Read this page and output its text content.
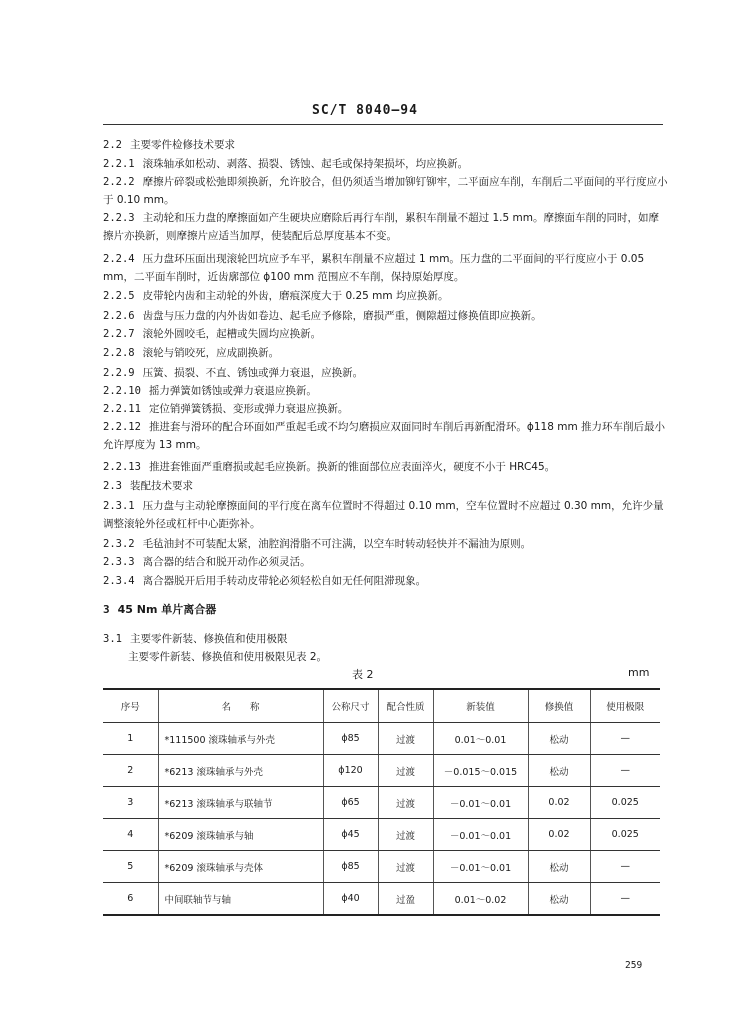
SC/T 8040—94
2.2 主要零件检修技术要求
2.2.1 滚珠轴承如松动、剥落、损裂、锈蚀、起毛或保持架损坏，均应换新。
2.2.2 摩擦片碎裂或松弛即须换新，允许胶合，但仍须适当增加铆钉铆牢，二平面应车削，车削后二平面间的平行度应小于 0.10 mm。
2.2.3 主动轮和压力盘的摩擦面如产生硬块应磨除后再行车削，累积车削量不超过 1.5 mm。摩擦面车削的同时，如摩擦片亦换新，则摩擦片应适当加厚，使装配后总厚度基本不变。
2.2.4 压力盘环压面出现滚轮凹坑应予车平，累积车削量不应超过 1 mm。压力盘的二平面间的平行度应小于 0.05 mm，二平面车削时，近齿廓部位 ϕ100 mm 范围应不车削，保持原始厚度。
2.2.5 皮带轮内齿和主动轮的外齿，磨痕深度大于 0.25 mm 均应换新。
2.2.6 齿盘与压力盘的内外齿如卷边、起毛应予修除，磨损严重，侧隙超过修换值即应换新。
2.2.7 滚轮外圆咬毛，起槽或失圆均应换新。
2.2.8 滚轮与销咬死，应成副换新。
2.2.9 压簧、损裂、不直、锈蚀或弹力衰退，应换新。
2.2.10 摇力弹簧如锈蚀或弹力衰退应换新。
2.2.11 定位销弹簧锈损、变形或弹力衰退应换新。
2.2.12 推进套与滑环的配合环面如严重起毛或不均匀磨损应双面同时车削后再新配滑环。ϕ118 mm 推力环车削后最小允许厚度为 13 mm。
2.2.13 推进套锥面严重磨损或起毛应换新。换新的锥面部位应表面淬火，硬度不小于 HRC45。
2.3 装配技术要求
2.3.1 压力盘与主动轮摩擦面间的平行度在离车位置时不得超过 0.10 mm，空车位置时不应超过 0.30 mm，允许少量调整滚轮外径或杠杆中心距弥补。
2.3.2 毛毡油封不可装配太紧，油腔润滑脂不可注满，以空车时转动轻快并不漏油为原则。
2.3.3 离合器的结合和脱开动作必须灵活。
2.3.4 离合器脱开后用手转动皮带轮必须轻松自如无任何阻滞现象。
3 45 Nm 单片离合器
3.1 主要零件新装、修换值和使用极限
主要零件新装、修换值和使用极限见表 2。
表 2	mm
序号	名　　称	公称尺寸	配合性质	新装值	修换值	使用极限
1	*111500 滚珠轴承与外壳	ϕ85	过渡	0.01～0.01	松动	—
2	*6213 滚珠轴承与外壳	ϕ120	过渡	－0.015～0.015	松动	—
3	*6213 滚珠轴承与联轴节	ϕ65	过渡	－0.01～0.01	0.02	0.025
4	*6209 滚珠轴承与轴	ϕ45	过渡	－0.01～0.01	0.02	0.025
5	*6209 滚珠轴承与壳体	ϕ85	过渡	－0.01～0.01	松动	—
6	中间联轴节与轴	ϕ40	过盈	0.01～0.02	松动	—
259
